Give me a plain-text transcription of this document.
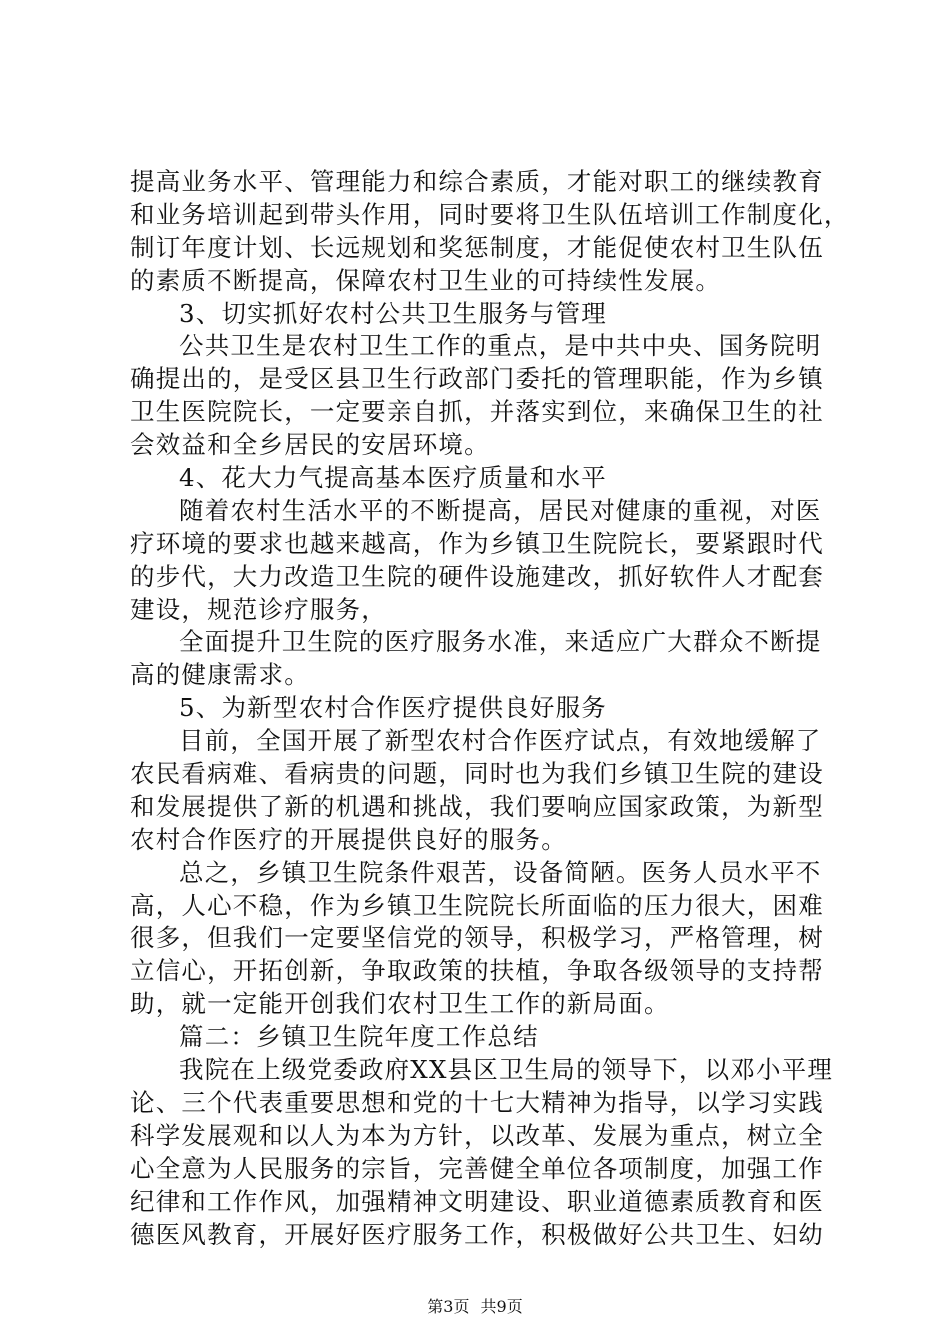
提高业务水平、管理能力和综合素质，才能对职工的继续教育
和业务培训起到带头作用，同时要将卫生队伍培训工作制度化，
制订年度计划、长远规划和奖惩制度，才能促使农村卫生队伍
的素质不断提高，保障农村卫生业的可持续性发展。
3、切实抓好农村公共卫生服务与管理
公共卫生是农村卫生工作的重点，是中共中央、国务院明
确提出的，是受区县卫生行政部门委托的管理职能，作为乡镇
卫生医院院长，一定要亲自抓，并落实到位，来确保卫生的社
会效益和全乡居民的安居环境。
4、花大力气提高基本医疗质量和水平
随着农村生活水平的不断提高，居民对健康的重视，对医
疗环境的要求也越来越高，作为乡镇卫生院院长，要紧跟时代
的步代，大力改造卫生院的硬件设施建改，抓好软件人才配套
建设，规范诊疗服务，
全面提升卫生院的医疗服务水准，来适应广大群众不断提
高的健康需求。
5、为新型农村合作医疗提供良好服务
目前，全国开展了新型农村合作医疗试点，有效地缓解了
农民看病难、看病贵的问题，同时也为我们乡镇卫生院的建设
和发展提供了新的机遇和挑战，我们要响应国家政策，为新型
农村合作医疗的开展提供良好的服务。
总之，乡镇卫生院条件艰苦，设备简陋。医务人员水平不
高，人心不稳，作为乡镇卫生院院长所面临的压力很大，困难
很多，但我们一定要坚信党的领导，积极学习，严格管理，树
立信心，开拓创新，争取政策的扶植，争取各级领导的支持帮
助，就一定能开创我们农村卫生工作的新局面。
篇二：乡镇卫生院年度工作总结
我院在上级党委政府XX县区卫生局的领导下，以邓小平理
论、三个代表重要思想和党的十七大精神为指导，以学习实践
科学发展观和以人为本为方针，以改革、发展为重点，树立全
心全意为人民服务的宗旨，完善健全单位各项制度，加强工作
纪律和工作作风，加强精神文明建设、职业道德素质教育和医
德医风教育，开展好医疗服务工作，积极做好公共卫生、妇幼
第3页 共9页
